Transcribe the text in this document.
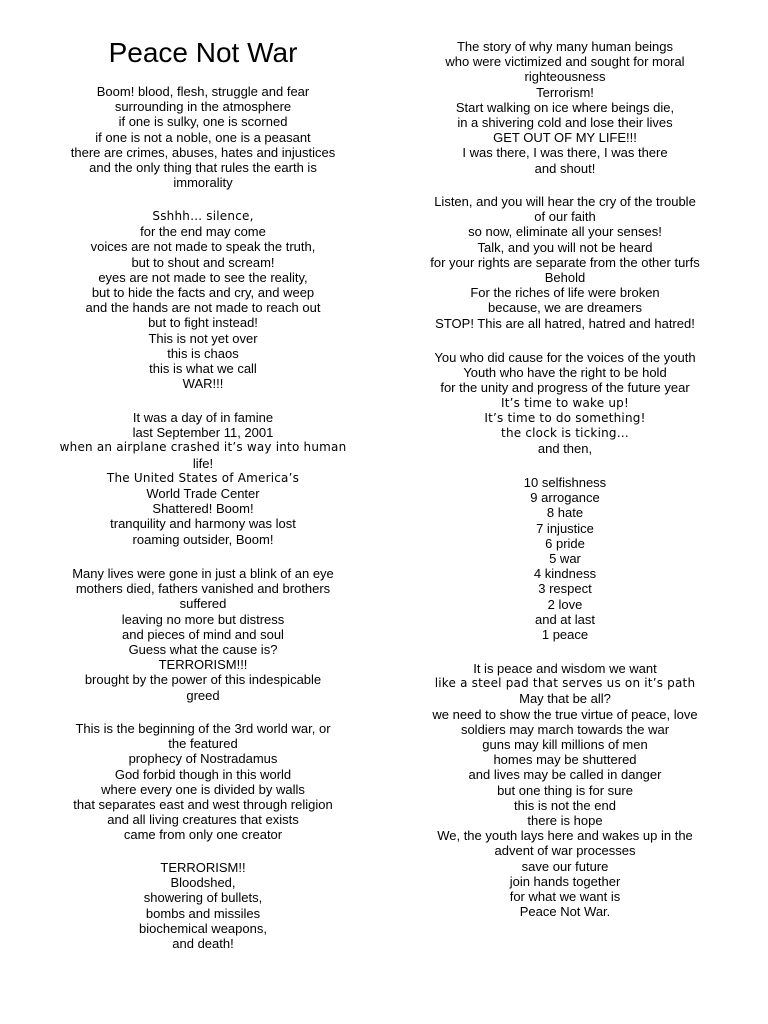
Peace Not War
Boom! blood, flesh, struggle and fear
surrounding in the atmosphere
if one is sulky, one is scorned
if one is not a noble, one is a peasant
there are crimes, abuses, hates and injustices
and the only thing that rules the earth is
immorality
Sshhh… silence,
for the end may come
voices are not made to speak the truth,
but to shout and scream!
eyes are not made to see the reality,
but to hide the facts and cry, and weep
and the hands are not made to reach out
but to fight instead!
This is not yet over
this is chaos
this is what we call
WAR!!!
It was a day of in famine
last September 11, 2001
when an airplane crashed it’s way into human
life!
The United States of America’s
World Trade Center
Shattered! Boom!
tranquility and harmony was lost
roaming outsider, Boom!
Many lives were gone in just a blink of an eye
mothers died, fathers vanished and brothers
suffered
leaving no more but distress
and pieces of mind and soul
Guess what the cause is?
TERRORISM!!!
brought by the power of this indespicable
greed
This is the beginning of the 3rd world war, or
the featured
prophecy of Nostradamus
God forbid though in this world
where every one is divided by walls
that separates east and west through religion
and all living creatures that exists
came from only one creator
TERRORISM!!
Bloodshed,
showering of bullets,
bombs and missiles
biochemical weapons,
and death!
The story of why many human beings
who were victimized and sought for moral
righteousness
Terrorism!
Start walking on ice where beings die,
in a shivering cold and lose their lives
GET OUT OF MY LIFE!!!
I was there, I was there, I was there
and shout!
Listen, and you will hear the cry of the trouble
of our faith
so now, eliminate all your senses!
Talk, and you will not be heard
for your rights are separate from the other turfs
Behold
For the riches of life were broken
because, we are dreamers
STOP! This are all hatred, hatred and hatred!
You who did cause for the voices of the youth
Youth who have the right to be hold
for the unity and progress of the future year
It’s time to wake up!
It’s time to do something!
the clock is ticking…
and then,
10 selfishness
9 arrogance
8 hate
7 injustice
6 pride
5 war
4 kindness
3 respect
2 love
and at last
1 peace
It is peace and wisdom we want
like a steel pad that serves us on it’s path
May that be all?
we need to show the true virtue of peace, love
soldiers may march towards the war
guns may kill millions of men
homes may be shuttered
and lives may be called in danger
but one thing is for sure
this is not the end
there is hope
We, the youth lays here and wakes up in the
advent of war processes
save our future
join hands together
for what we want is
Peace Not War.
